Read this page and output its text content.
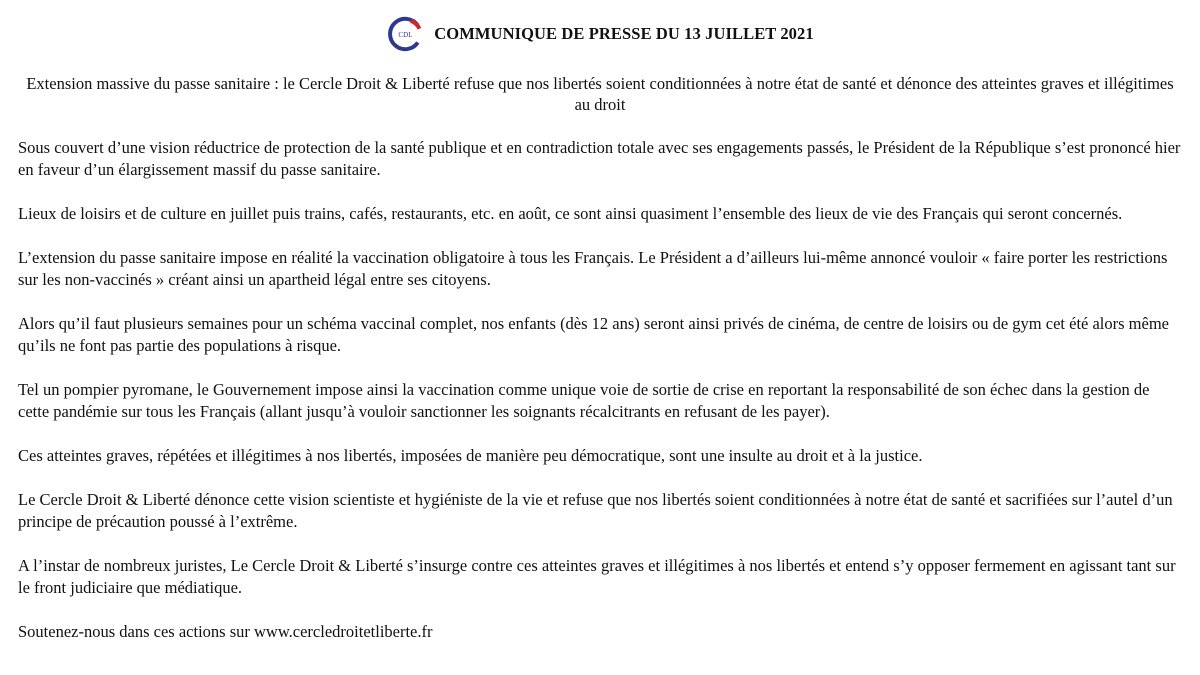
CDL COMMUNIQUE DE PRESSE DU 13 JUILLET 2021

Extension massive du passe sanitaire : le Cercle Droit & Liberté refuse que nos libertés soient conditionnées à notre état de santé et dénonce des atteintes graves et illégitimes au droit

Sous couvert d’une vision réductrice de protection de la santé publique et en contradiction totale avec ses engagements passés, le Président de la République s’est prononcé hier en faveur d’un élargissement massif du passe sanitaire.

Lieux de loisirs et de culture en juillet puis trains, cafés, restaurants, etc. en août, ce sont ainsi quasiment l’ensemble des lieux de vie des Français qui seront concernés.

L’extension du passe sanitaire impose en réalité la vaccination obligatoire à tous les Français. Le Président a d’ailleurs lui-même annoncé vouloir « faire porter les restrictions sur les non-vaccinés » créant ainsi un apartheid légal entre ses citoyens.

Alors qu’il faut plusieurs semaines pour un schéma vaccinal complet, nos enfants (dès 12 ans) seront ainsi privés de cinéma, de centre de loisirs ou de gym cet été alors même qu’ils ne font pas partie des populations à risque.

Tel un pompier pyromane, le Gouvernement impose ainsi la vaccination comme unique voie de sortie de crise en reportant la responsabilité de son échec dans la gestion de cette pandémie sur tous les Français (allant jusqu’à vouloir sanctionner les soignants récalcitrants en refusant de les payer).

Ces atteintes graves, répétées et illégitimes à nos libertés, imposées de manière peu démocratique, sont une insulte au droit et à la justice.

Le Cercle Droit & Liberté dénonce cette vision scientiste et hygiéniste de la vie et refuse que nos libertés soient conditionnées à notre état de santé et sacrifiées sur l’autel d’un principe de précaution poussé à l’extrême.

A l’instar de nombreux juristes, Le Cercle Droit & Liberté s’insurge contre ces atteintes graves et illégitimes à nos libertés et entend s’y opposer fermement en agissant tant sur le front judiciaire que médiatique.

Soutenez-nous dans ces actions sur www.cercledroitetliberte.fr
